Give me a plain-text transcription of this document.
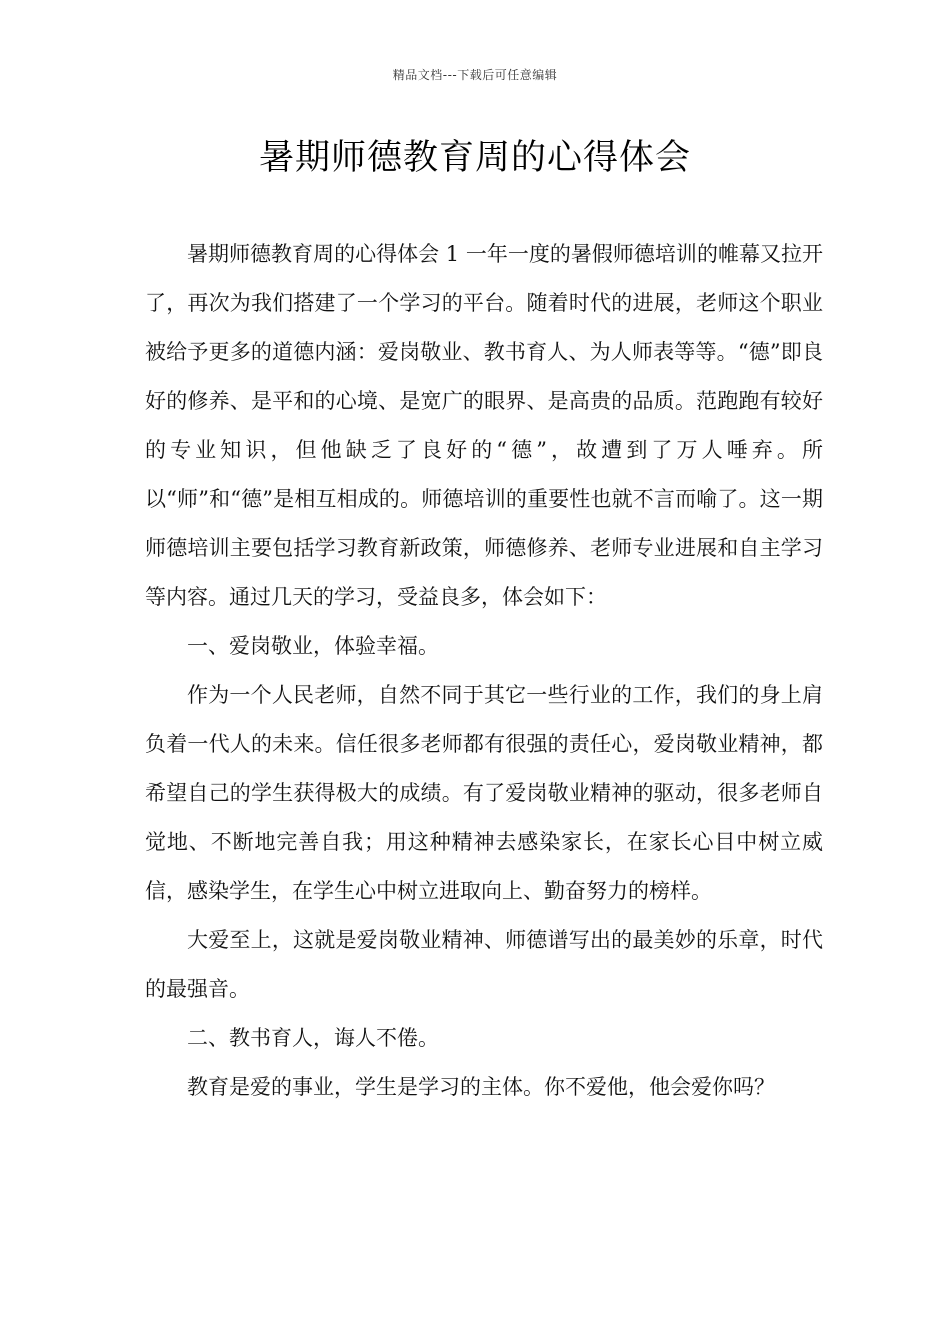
精品文档---下载后可任意编辑
暑期师德教育周的心得体会

暑期师德教育周的心得体会 1 一年一度的暑假师德培训的帷幕又拉开了，再次为我们搭建了一个学习的平台。随着时代的进展，老师这个职业被给予更多的道德内涵：爱岗敬业、教书育人、为人师表等等。“德”即良好的修养、是平和的心境、是宽广的眼界、是高贵的品质。范跑跑有较好的专业知识，但他缺乏了良好的“德”，故遭到了万人唾弃。所以“师”和“德”是相互相成的。师德培训的重要性也就不言而喻了。这一期师德培训主要包括学习教育新政策，师德修养、老师专业进展和自主学习等内容。通过几天的学习，受益良多，体会如下：

一、爱岗敬业，体验幸福。

作为一个人民老师，自然不同于其它一些行业的工作，我们的身上肩负着一代人的未来。信任很多老师都有很强的责任心，爱岗敬业精神，都希望自己的学生获得极大的成绩。有了爱岗敬业精神的驱动，很多老师自觉地、不断地完善自我；用这种精神去感染家长，在家长心目中树立威信，感染学生，在学生心中树立进取向上、勤奋努力的榜样。

大爱至上，这就是爱岗敬业精神、师德谱写出的最美妙的乐章，时代的最强音。

二、教书育人，诲人不倦。

教育是爱的事业，学生是学习的主体。你不爱他，他会爱你吗？
